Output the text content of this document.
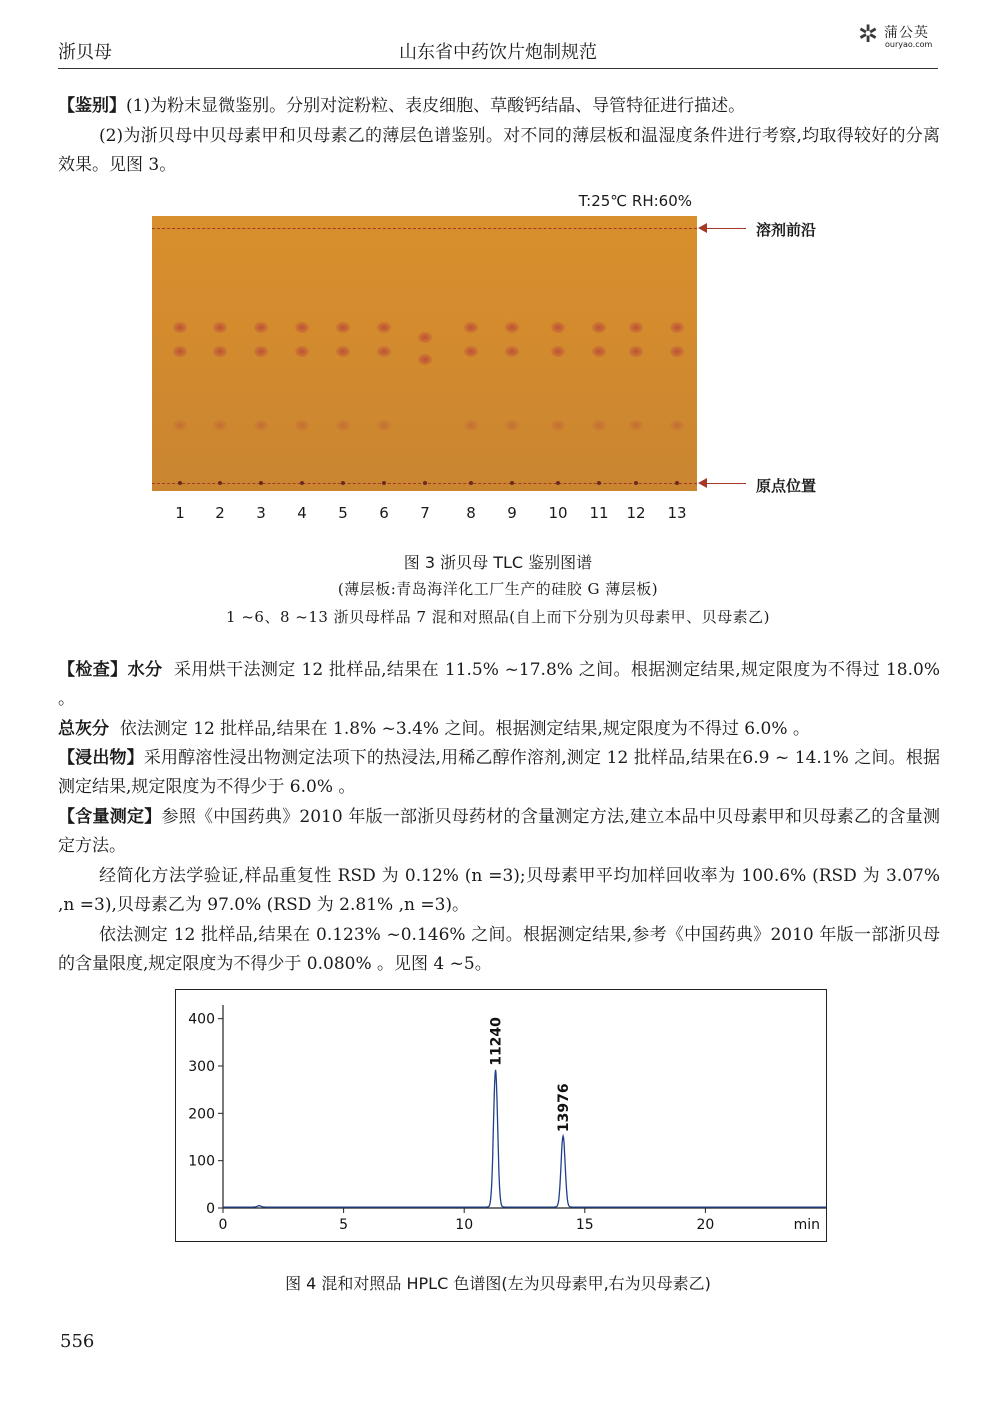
浙贝母	山东省中药饮片炮制规范
✲ 蒲公英
ouryao.com

【鉴别】(1)为粉末显微鉴别。分别对淀粉粒、表皮细胞、草酸钙结晶、导管特征进行描述。

(2)为浙贝母中贝母素甲和贝母素乙的薄层色谱鉴别。对不同的薄层板和温湿度条件进行考察,均取得较好的分离效果。见图 3。

T:25℃ RH:60%
溶剂前沿
原点位置
1	2	3	4	5	6	7	8	9	10	11	12	13
图 3 浙贝母 TLC 鉴别图谱
(薄层板:青岛海洋化工厂生产的硅胶 G 薄层板)
1 ~6、8 ~13 浙贝母样品 7 混和对照品(自上而下分别为贝母素甲、贝母素乙)

【检查】水分 采用烘干法测定 12 批样品,结果在 11.5% ~17.8% 之间。根据测定结果,规定限度为不得过 18.0% 。

总灰分 依法测定 12 批样品,结果在 1.8% ~3.4% 之间。根据测定结果,规定限度为不得过 6.0% 。

【浸出物】采用醇溶性浸出物测定法项下的热浸法,用稀乙醇作溶剂,测定 12 批样品,结果在6.9 ~ 14.1% 之间。根据测定结果,规定限度为不得少于 6.0% 。

【含量测定】参照《中国药典》2010 年版一部浙贝母药材的含量测定方法,建立本品中贝母素甲和贝母素乙的含量测定方法。

经简化方法学验证,样品重复性 RSD 为 0.12% (n =3);贝母素甲平均加样回收率为 100.6% (RSD 为 3.07% ,n =3),贝母素乙为 97.0% (RSD 为 2.81% ,n =3)。

依法测定 12 批样品,结果在 0.123% ~0.146% 之间。根据测定结果,参考《中国药典》2010 年版一部浙贝母的含量限度,规定限度为不得少于 0.080% 。见图 4 ~5。

0
100
200
300
400
0	5	10	15	20	min
11240
13976
图 4 混和对照品 HPLC 色谱图(左为贝母素甲,右为贝母素乙)
556
